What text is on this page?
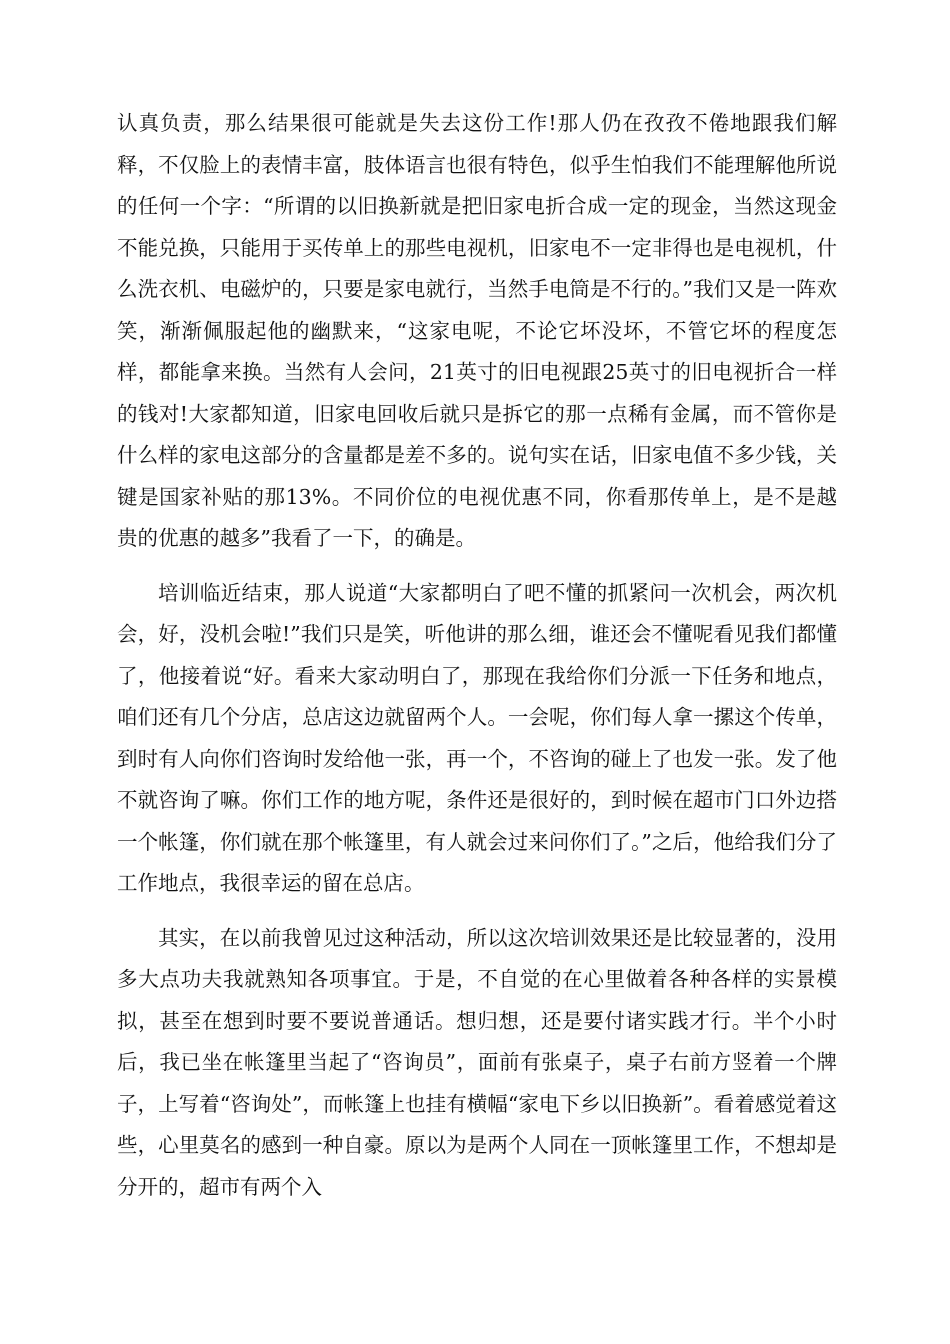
认真负责，那么结果很可能就是失去这份工作!那人仍在孜孜不倦地跟我们解释，不仅脸上的表情丰富，肢体语言也很有特色，似乎生怕我们不能理解他所说的任何一个字：“所谓的以旧换新就是把旧家电折合成一定的现金，当然这现金不能兑换，只能用于买传单上的那些电视机，旧家电不一定非得也是电视机，什么洗衣机、电磁炉的，只要是家电就行，当然手电筒是不行的。”我们又是一阵欢笑，渐渐佩服起他的幽默来，“这家电呢，不论它坏没坏，不管它坏的程度怎样，都能拿来换。当然有人会问，21英寸的旧电视跟25英寸的旧电视折合一样的钱对!大家都知道，旧家电回收后就只是拆它的那一点稀有金属，而不管你是什么样的家电这部分的含量都是差不多的。说句实在话，旧家电值不多少钱，关键是国家补贴的那13%。不同价位的电视优惠不同，你看那传单上，是不是越贵的优惠的越多”我看了一下，的确是。

培训临近结束，那人说道“大家都明白了吧不懂的抓紧问一次机会，两次机会，好，没机会啦!”我们只是笑，听他讲的那么细，谁还会不懂呢看见我们都懂了，他接着说“好。看来大家动明白了，那现在我给你们分派一下任务和地点，咱们还有几个分店，总店这边就留两个人。一会呢，你们每人拿一摞这个传单，到时有人向你们咨询时发给他一张，再一个，不咨询的碰上了也发一张。发了他不就咨询了嘛。你们工作的地方呢，条件还是很好的，到时候在超市门口外边搭一个帐篷，你们就在那个帐篷里，有人就会过来问你们了。”之后，他给我们分了工作地点，我很幸运的留在总店。

其实，在以前我曾见过这种活动，所以这次培训效果还是比较显著的，没用多大点功夫我就熟知各项事宜。于是，不自觉的在心里做着各种各样的实景模拟，甚至在想到时要不要说普通话。想归想，还是要付诸实践才行。半个小时后，我已坐在帐篷里当起了“咨询员”，面前有张桌子，桌子右前方竖着一个牌子，上写着“咨询处”，而帐篷上也挂有横幅“家电下乡以旧换新”。看着感觉着这些，心里莫名的感到一种自豪。原以为是两个人同在一顶帐篷里工作，不想却是分开的，超市有两个入
